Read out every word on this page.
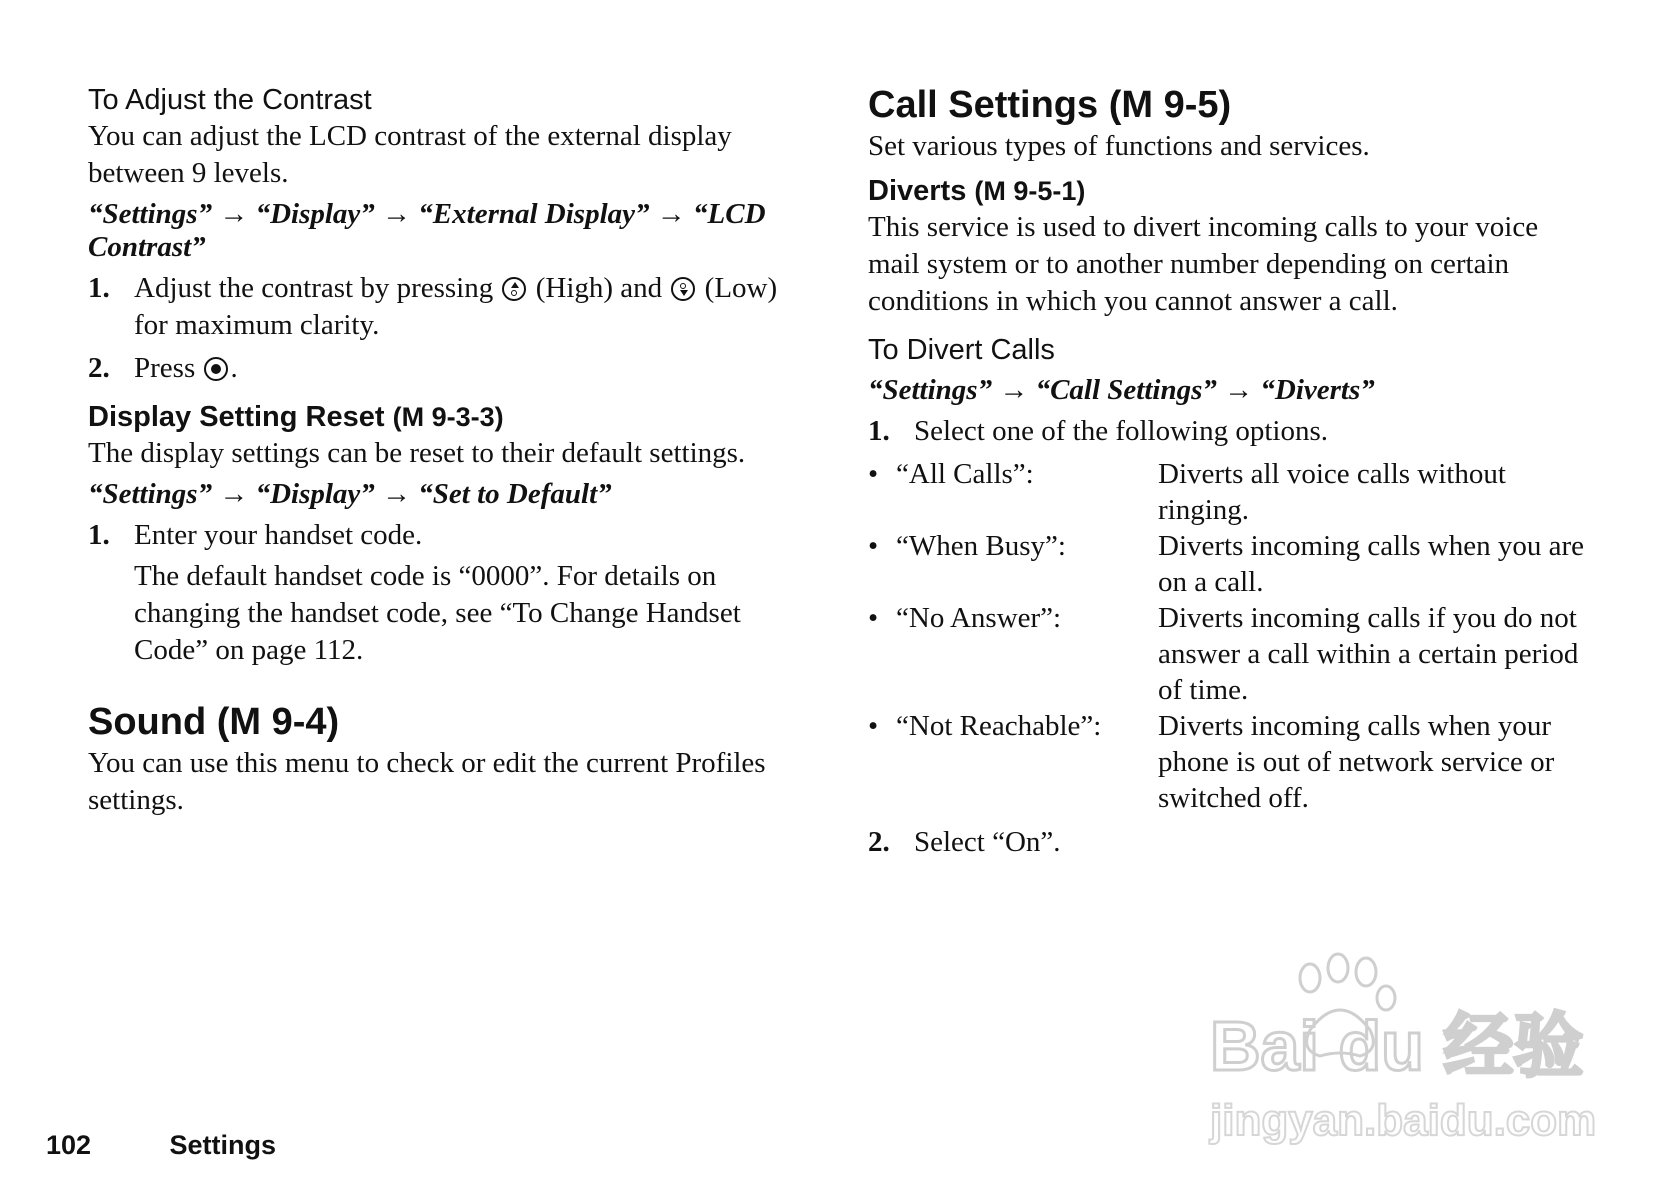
To Adjust the Contrast

You can adjust the LCD contrast of the external display between 9 levels.

“Settings” → “Display” → “External Display” → “LCD Contrast”
1. Adjust the contrast by pressing (High) and (Low) for maximum clarity.
2. Press .
Display Setting Reset (M 9-3-3)

The display settings can be reset to their default settings.

“Settings” → “Display” → “Set to Default”
1. Enter your handset code.

The default handset code is “0000”. For details on changing the handset code, see “To Change Handset Code” on page 112.

Sound (M 9-4)

You can use this menu to check or edit the current Profiles settings.

Call Settings (M 9-5)

Set various types of functions and services.

Diverts (M 9-5-1)

This service is used to divert incoming calls to your voice mail system or to another number depending on certain conditions in which you cannot answer a call.

To Divert Calls
“Settings” → “Call Settings” → “Diverts”
1. Select one of the following options.
• “All Calls”:	Diverts all voice calls without ringing.
• “When Busy”:	Diverts incoming calls when you are on a call.
• “No Answer”:	Diverts incoming calls if you do not answer a call within a certain period of time.
• “Not Reachable”:	Diverts incoming calls when your phone is out of network service or switched off.
2. Select “On”.
102	Settings
Bai du 经验
jingyan.baidu.com
